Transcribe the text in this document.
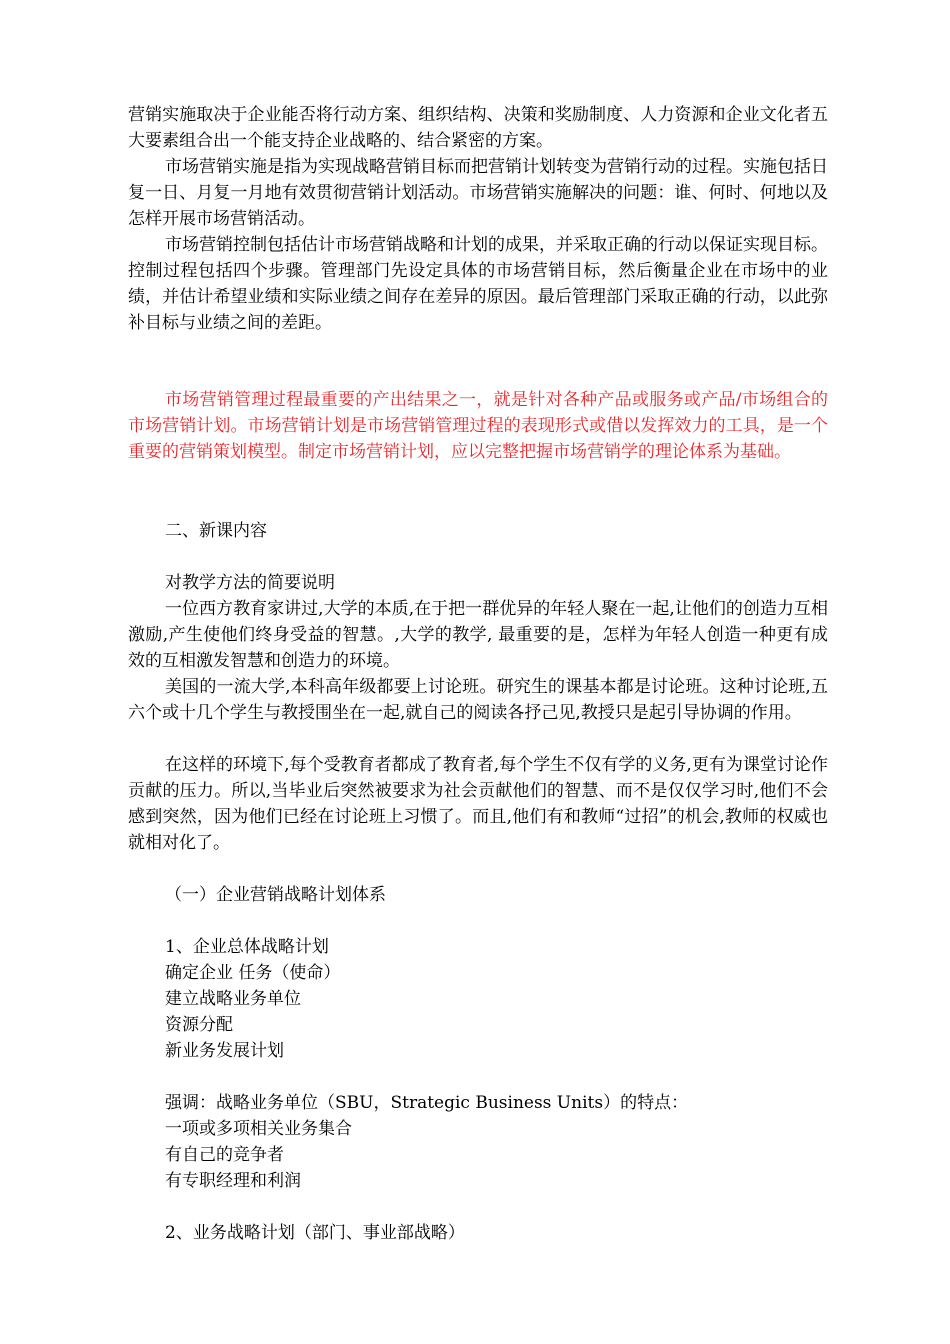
营销实施取决于企业能否将行动方案、组织结构、决策和奖励制度、人力资源和企业文化者五大要素组合出一个能支持企业战略的、结合紧密的方案。

市场营销实施是指为实现战略营销目标而把营销计划转变为营销行动的过程。实施包括日复一日、月复一月地有效贯彻营销计划活动。市场营销实施解决的问题：谁、何时、何地以及怎样开展市场营销活动。

市场营销控制包括估计市场营销战略和计划的成果，并采取正确的行动以保证实现目标。控制过程包括四个步骤。管理部门先设定具体的市场营销目标，然后衡量企业在市场中的业绩，并估计希望业绩和实际业绩之间存在差异的原因。最后管理部门采取正确的行动，以此弥补目标与业绩之间的差距。

市场营销管理过程最重要的产出结果之一，就是针对各种产品或服务或产品/市场组合的市场营销计划。市场营销计划是市场营销管理过程的表现形式或借以发挥效力的工具，是一个重要的营销策划模型。制定市场营销计划，应以完整把握市场营销学的理论体系为基础。

二、新课内容

对教学方法的简要说明

一位西方教育家讲过,大学的本质,在于把一群优异的年轻人聚在一起,让他们的创造力互相激励,产生使他们终身受益的智慧。,大学的教学, 最重要的是，怎样为年轻人创造一种更有成效的互相激发智慧和创造力的环境。

美国的一流大学,本科高年级都要上讨论班。研究生的课基本都是讨论班。这种讨论班,五六个或十几个学生与教授围坐在一起,就自己的阅读各抒己见,教授只是起引导协调的作用。

在这样的环境下,每个受教育者都成了教育者,每个学生不仅有学的义务,更有为课堂讨论作贡献的压力。所以,当毕业后突然被要求为社会贡献他们的智慧、而不是仅仅学习时,他们不会感到突然，因为他们已经在讨论班上习惯了。而且,他们有和教师“过招”的机会,教师的权威也就相对化了。

（一）企业营销战略计划体系

1、企业总体战略计划

确定企业 任务（使命）

建立战略业务单位

资源分配

新业务发展计划

强调：战略业务单位（SBU，Strategic Business Units）的特点：

一项或多项相关业务集合

有自己的竞争者

有专职经理和利润

2、业务战略计划（部门、事业部战略）
